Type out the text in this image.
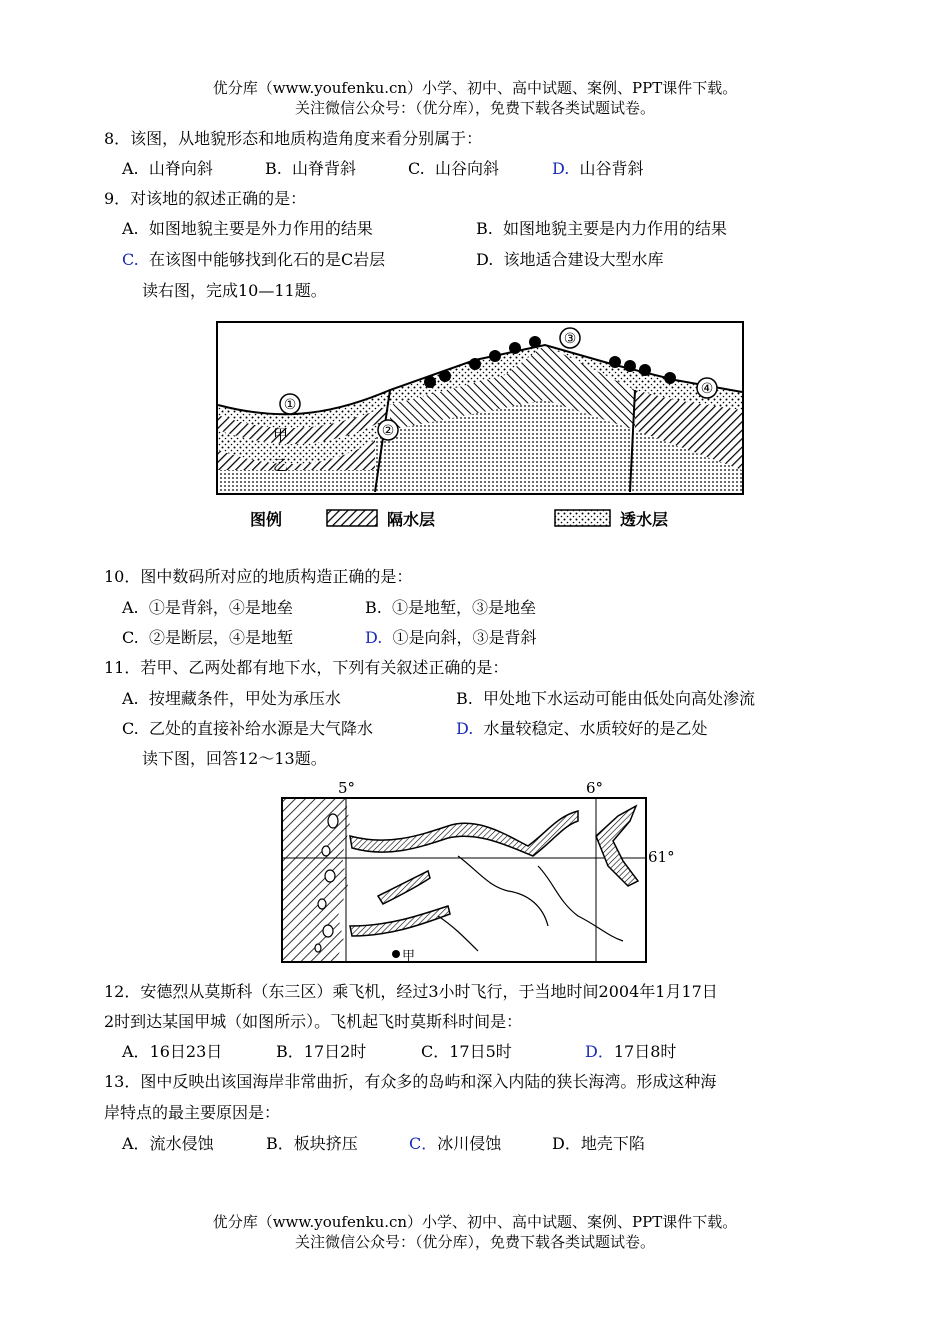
优分库（www.youfenku.cn）小学、初中、高中试题、案例、PPT课件下载。
关注微信公众号：（优分库），免费下载各类试题试卷。
8．该图，从地貌形态和地质构造角度来看分别属于：
A. 山脊向斜	B. 山脊背斜	C. 山谷向斜	D. 山谷背斜
9．对该地的叙述正确的是：
A. 如图地貌主要是外力作用的结果	B. 如图地貌主要是内力作用的结果
C. 在该图中能够找到化石的是C岩层	D. 该地适合建设大型水库
读右图，完成10—11题。
①
甲	②
乙
③
④
图例	隔水层	透水层
10．图中数码所对应的地质构造正确的是：
A. ①是背斜，④是地垒	B. ①是地堑，③是地垒
C. ②是断层，④是地堑	D. ①是向斜，③是背斜
11．若甲、乙两处都有地下水，下列有关叙述正确的是：
A. 按埋藏条件，甲处为承压水	B. 甲处地下水运动可能由低处向高处渗流
C. 乙处的直接补给水源是大气降水	D. 水量较稳定、水质较好的是乙处
读下图，回答12～13题。
甲
5°	6°
61°
12．安德烈从莫斯科（东三区）乘飞机，经过3小时飞行，于当地时间2004年1月17日
2时到达某国甲城（如图所示）。飞机起飞时莫斯科时间是：
A．16日23日	B．17日2时	C．17日5时	D．17日8时
13．图中反映出该国海岸非常曲折，有众多的岛屿和深入内陆的狭长海湾。形成这种海
岸特点的最主要原因是：
A．流水侵蚀	B．板块挤压	C．冰川侵蚀	D．地壳下陷
优分库（www.youfenku.cn）小学、初中、高中试题、案例、PPT课件下载。
关注微信公众号：（优分库），免费下载各类试题试卷。
